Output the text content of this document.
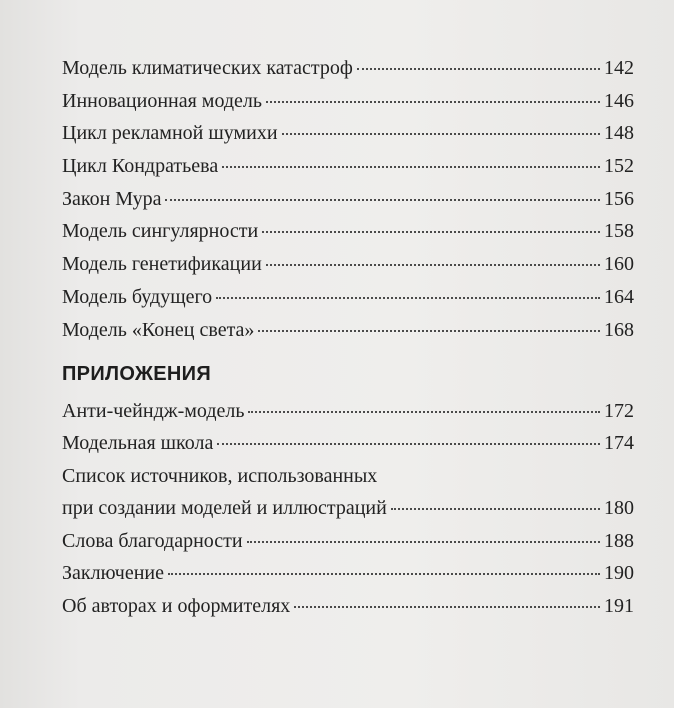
Модель климатических катастроф	142
Инновационная модель	146
Цикл рекламной шумихи	148
Цикл Кондратьева	152
Закон Мура	156
Модель сингулярности	158
Модель генетификации	160
Модель будущего	164
Модель «Конец света»	168
ПРИЛОЖЕНИЯ
Анти-чейндж-модель	172
Модельная школа	174
Список источников, использованных
при создании моделей и иллюстраций	180
Слова благодарности	188
Заключение	190
Об авторах и оформителях	191
